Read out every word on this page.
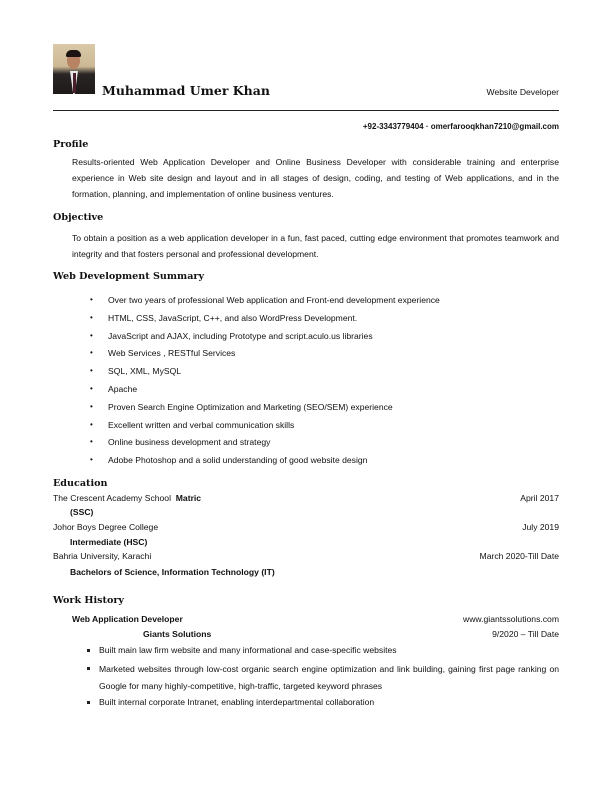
Muhammad Umer Khan	Website Developer
+92-3343779404 · omerfarooqkhan7210@gmail.com
Profile
Results-oriented Web Application Developer and Online Business Developer with considerable training and enterprise experience in Web site design and layout and in all stages of design, coding, and testing of Web applications, and in the formation, planning, and implementation of online business ventures.
Objective
To obtain a position as a web application developer in a fun, fast paced, cutting edge environment that promotes teamwork and integrity and that fosters personal and professional development.
Web Development Summary
• Over two years of professional Web application and Front-end development experience
• HTML, CSS, JavaScript, C++, and also WordPress Development.
• JavaScript and AJAX, including Prototype and script.aculo.us libraries
• Web Services , RESTful Services
• SQL, XML, MySQL
• Apache
• Proven Search Engine Optimization and Marketing (SEO/SEM) experience
• Excellent written and verbal communication skills
• Online business development and strategy
• Adobe Photoshop and a solid understanding of good website design
Education
The Crescent Academy School Matric
(SSC)
April 2017
Johor Boys Degree College
Intermediate (HSC)
July 2019
Bahria University, Karachi
Bachelors of Science, Information Technology (IT)
March 2020-Till Date
Work History
Web Application Developer	www.giantssolutions.com
Giants Solutions	9/2020 – Till Date
Built main law firm website and many informational and case-specific websites
Marketed websites through low-cost organic search engine optimization and link building, gaining first page ranking on Google for many highly-competitive, high-traffic, targeted keyword phrases
Built internal corporate Intranet, enabling interdepartmental collaboration
